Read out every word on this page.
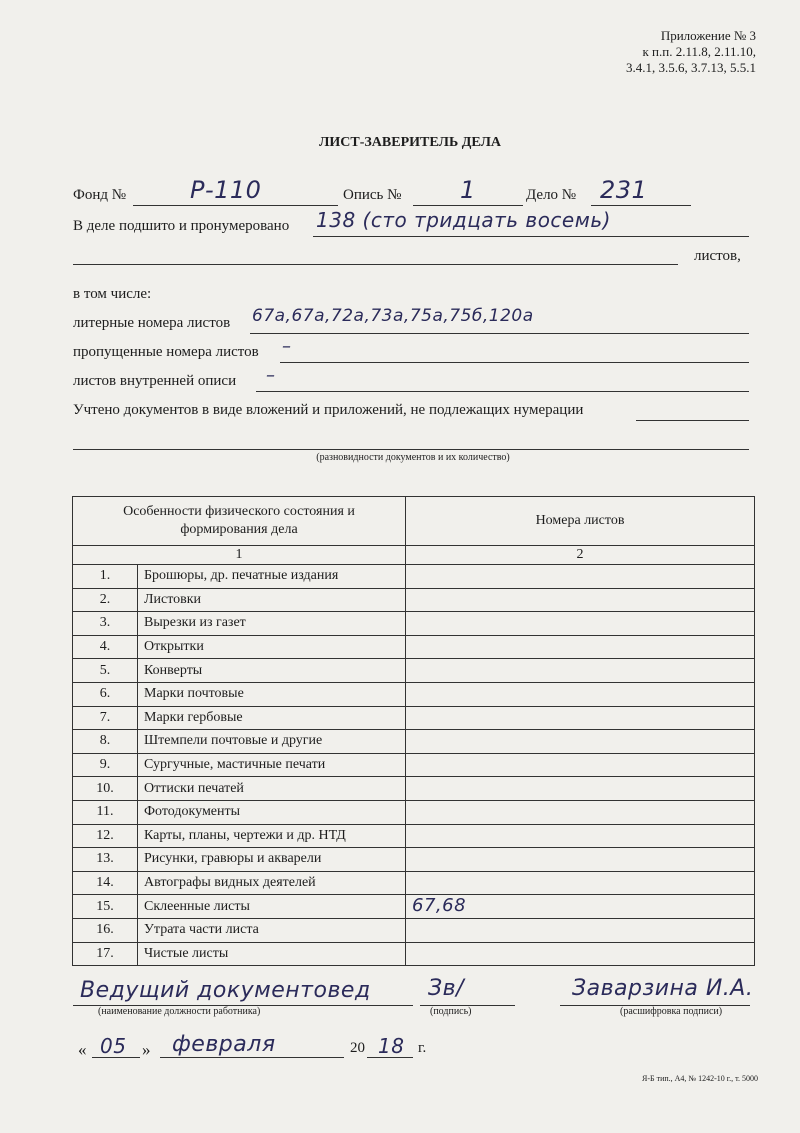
Приложение № 3
к п.п. 2.11.8, 2.11.10,
3.4.1, 3.5.6, 3.7.13, 5.5.1
ЛИСТ-ЗАВЕРИТЕЛЬ ДЕЛА
Фонд №	Р-110	Опись № 1	Дело № 231
В деле подшито и пронумеровано 138 (сто тридцать восемь)
листов,
в том числе:
литерные номера листов 67а,67а,72а,73а,75а,75б,120а
пропущенные номера листов –
листов внутренней описи –
Учтено документов в виде вложений и приложений, не подлежащих нумерации
(разновидности документов и их количество)
Особенности физического состояния и формирования дела		Номера листов
1		2
1.	Брошюры, др. печатные издания	
2.	Листовки	
3.	Вырезки из газет	
4.	Открытки	
5.	Конверты	
6.	Марки почтовые	
7.	Марки гербовые	
8.	Штемпели почтовые и другие	
9.	Сургучные, мастичные печати	
10.	Оттиски печатей	
11.	Фотодокументы	
12.	Карты, планы, чертежи и др. НТД	
13.	Рисунки, гравюры и акварели	
14.	Автографы видных деятелей	
15.	Склеенные листы	67,68
16.	Утрата части листа	
17.	Чистые листы	
Ведущий документовед
(наименование должности работника)
Зв/
(подпись)
Заварзина И.А.
(расшифровка подписи)
« 05 » февраля	20 18 г.
Я-Б тип., А4, № 1242-10 г., т. 5000
